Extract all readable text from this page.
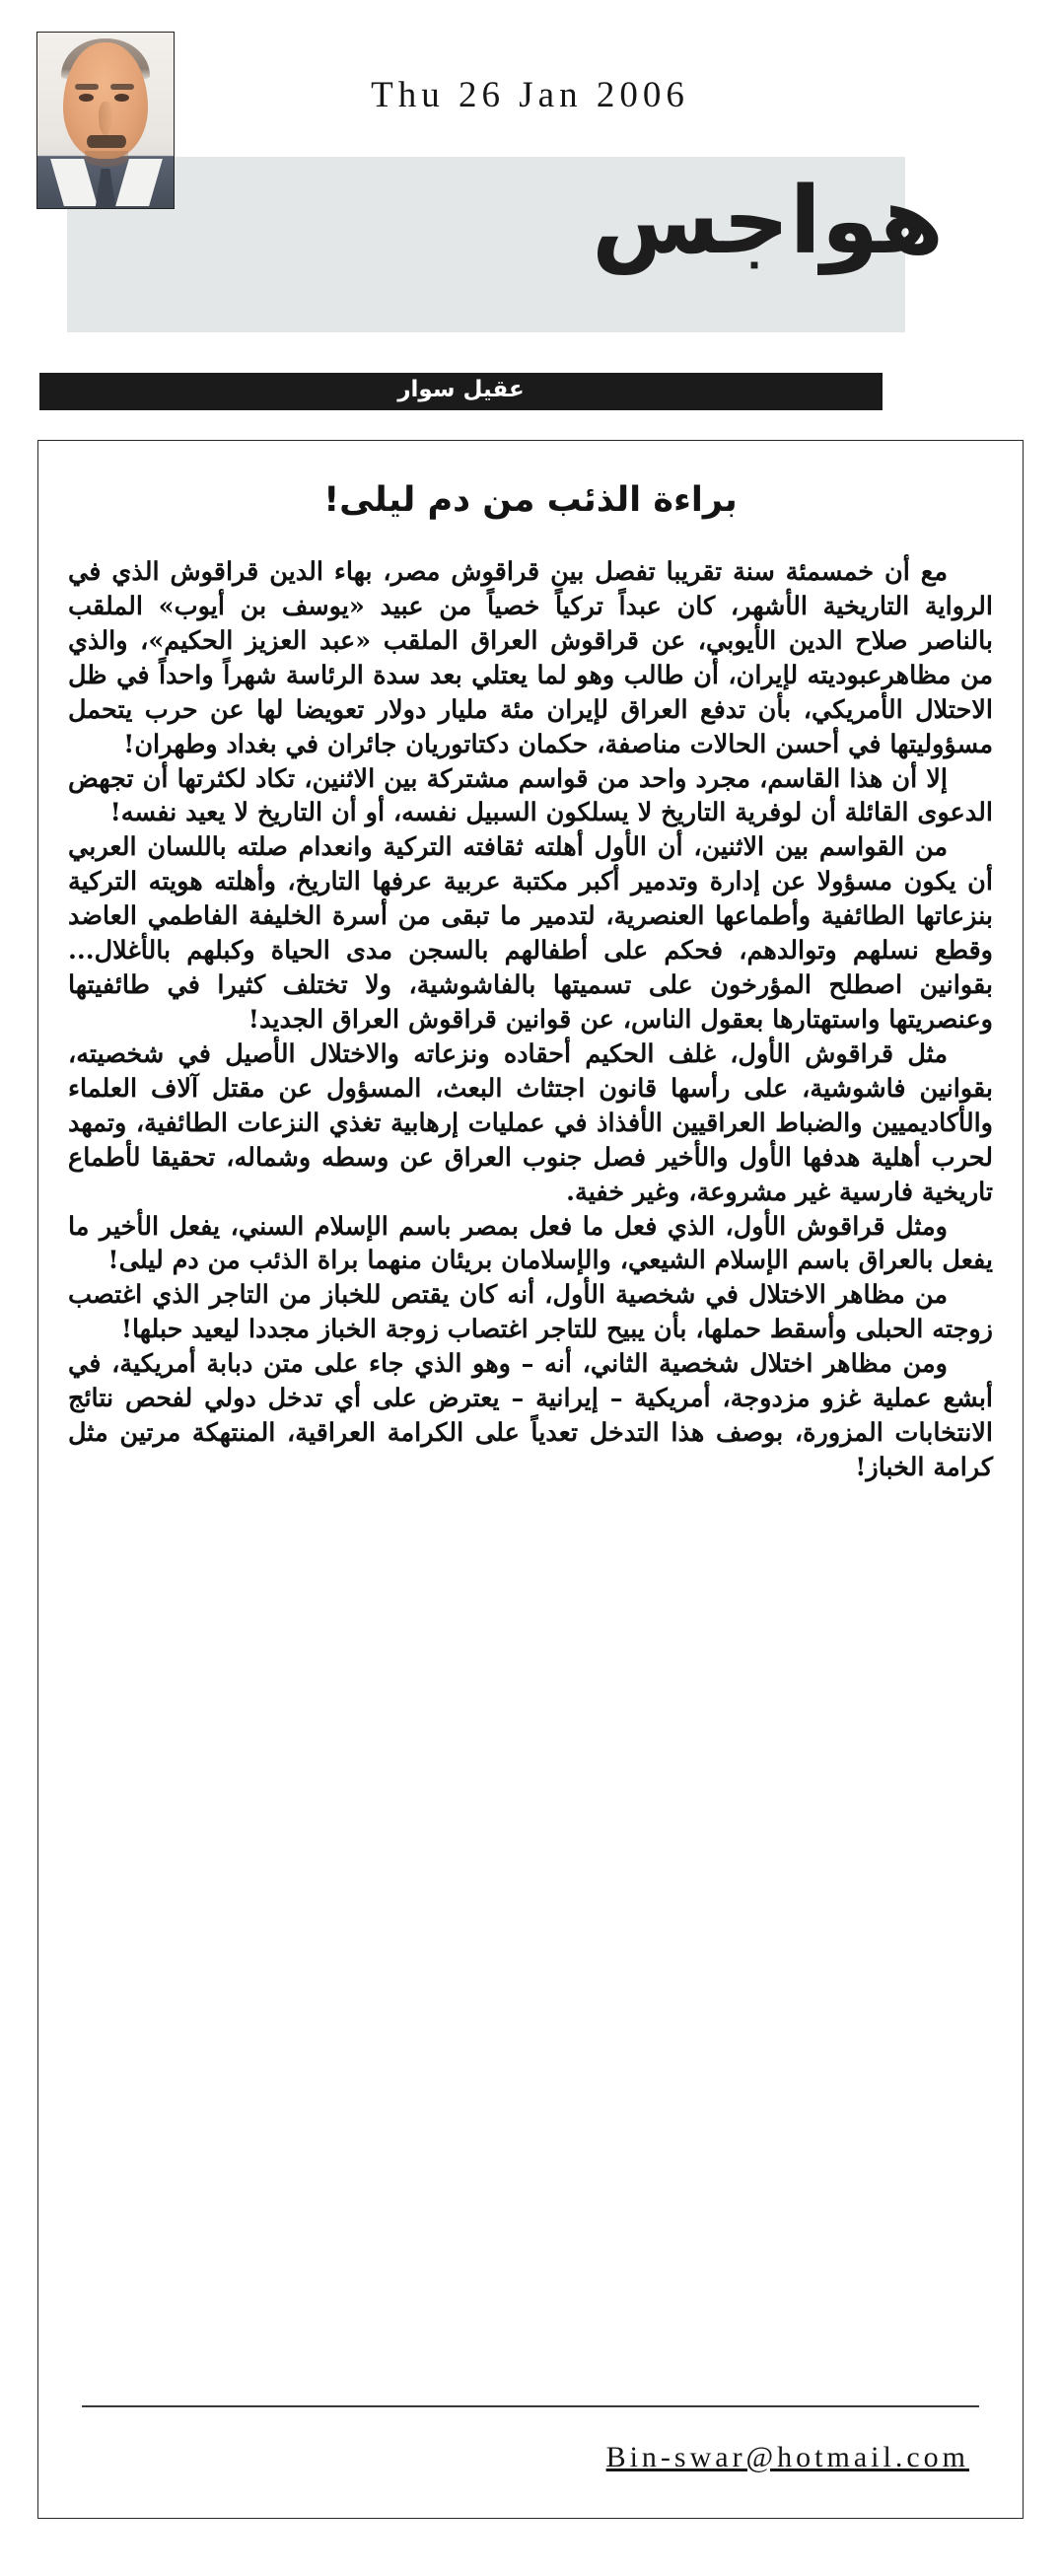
Thu 26 Jan 2006
هواجس
عقيل سوار
براءة الذئب من دم ليلى!

مع أن خمسمئة سنة تقريبا تفصل بين قراقوش مصر، بهاء الدين قراقوش الذي في الرواية التاريخية الأشهر، كان عبداً تركياً خصياً من عبيد «يوسف بن أيوب» الملقب بالناصر صلاح الدين الأيوبي، عن قراقوش العراق الملقب «عبد العزيز الحكيم»، والذي من مظاهرعبوديته لإيران، أن طالب وهو لما يعتلي بعد سدة الرئاسة شهراً واحداً في ظل الاحتلال الأمريكي، بأن تدفع العراق لإيران مئة مليار دولار تعويضا لها عن حرب يتحمل مسؤوليتها في أحسن الحالات مناصفة، حكمان دكتاتوريان جائران في بغداد وطهران!

إلا أن هذا القاسم، مجرد واحد من قواسم مشتركة بين الاثنين، تكاد لكثرتها أن تجهض الدعوى القائلة أن لوفرية التاريخ لا يسلكون السبيل نفسه، أو أن التاريخ لا يعيد نفسه!

من القواسم بين الاثنين، أن الأول أهلته ثقافته التركية وانعدام صلته باللسان العربي أن يكون مسؤولا عن إدارة وتدمير أكبر مكتبة عربية عرفها التاريخ، وأهلته هويته التركية بنزعاتها الطائفية وأطماعها العنصرية، لتدمير ما تبقى من أسرة الخليفة الفاطمي العاضد وقطع نسلهم وتوالدهم، فحكم على أطفالهم بالسجن مدى الحياة وكبلهم بالأغلال... بقوانين اصطلح المؤرخون على تسميتها بالفاشوشية، ولا تختلف كثيرا في طائفيتها وعنصريتها واستهتارها بعقول الناس، عن قوانين قراقوش العراق الجديد!

مثل قراقوش الأول، غلف الحكيم أحقاده ونزعاته والاختلال الأصيل في شخصيته، بقوانين فاشوشية، على رأسها قانون اجتثاث البعث، المسؤول عن مقتل آلاف العلماء والأكاديميين والضباط العراقيين الأفذاذ في عمليات إرهابية تغذي النزعات الطائفية، وتمهد لحرب أهلية هدفها الأول والأخير فصل جنوب العراق عن وسطه وشماله، تحقيقا لأطماع تاريخية فارسية غير مشروعة، وغير خفية.

ومثل قراقوش الأول، الذي فعل ما فعل بمصر باسم الإسلام السني، يفعل الأخير ما يفعل بالعراق باسم الإسلام الشيعي، والإسلامان بريئان منهما براة الذئب من دم ليلى!

من مظاهر الاختلال في شخصية الأول، أنه كان يقتص للخباز من التاجر الذي اغتصب زوجته الحبلى وأسقط حملها، بأن يبيح للتاجر اغتصاب زوجة الخباز مجددا ليعيد حبلها!

ومن مظاهر اختلال شخصية الثاني، أنه – وهو الذي جاء على متن دبابة أمريكية، في أبشع عملية غزو مزدوجة، أمريكية – إيرانية – يعترض على أي تدخل دولي لفحص نتائج الانتخابات المزورة، بوصف هذا التدخل تعدياً على الكرامة العراقية، المنتهكة مرتين مثل كرامة الخباز!

Bin-swar@hotmail.com
